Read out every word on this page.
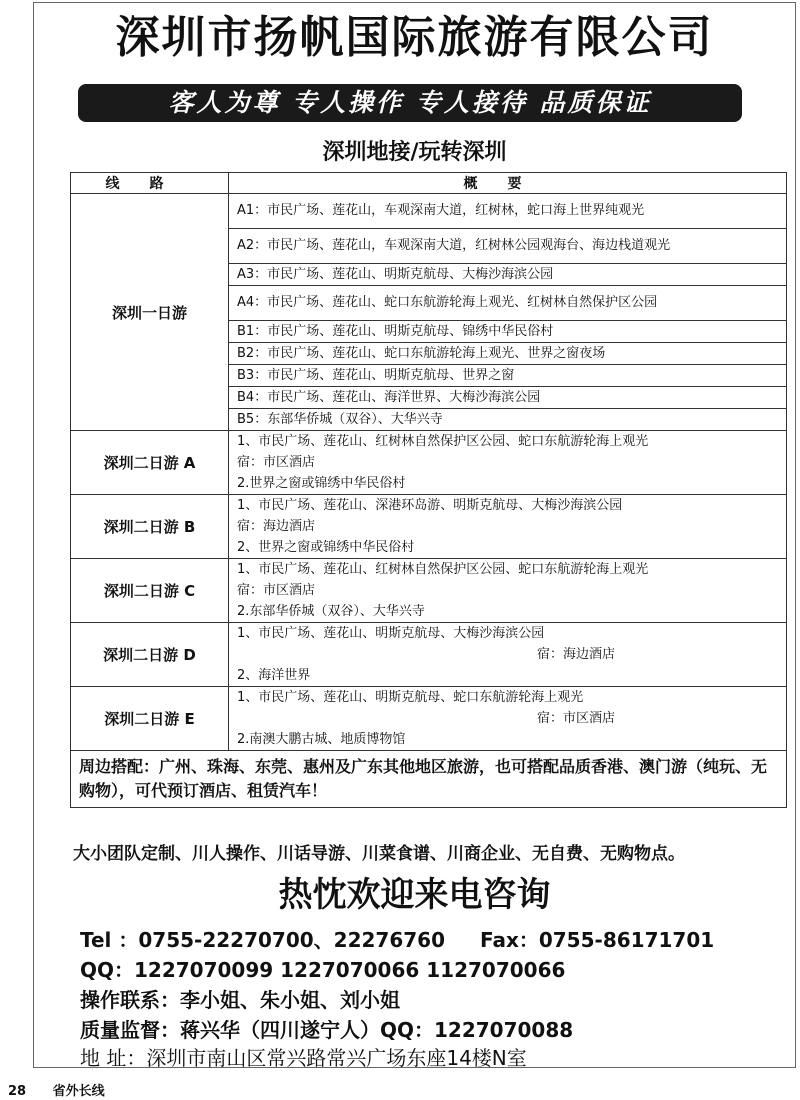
深圳市扬帆国际旅游有限公司
客人为尊 专人操作 专人接待 品质保证
深圳地接/玩转深圳
线路	概要
深圳一日游	A1：市民广场、莲花山，车观深南大道，红树林，蛇口海上世界纯观光
	A2：市民广场、莲花山，车观深南大道，红树林公园观海台、海边栈道观光
	A3：市民广场、莲花山、明斯克航母、大梅沙海滨公园
	A4：市民广场、莲花山、蛇口东航游轮海上观光、红树林自然保护区公园
	B1：市民广场、莲花山、明斯克航母、锦绣中华民俗村
	B2：市民广场、莲花山、蛇口东航游轮海上观光、世界之窗夜场
	B3：市民广场、莲花山、明斯克航母、世界之窗
	B4：市民广场、莲花山、海洋世界、大梅沙海滨公园
	B5：东部华侨城（双谷）、大华兴寺
深圳二日游 A	1、市民广场、莲花山、红树林自然保护区公园、蛇口东航游轮海上观光
宿：市区酒店
2.世界之窗或锦绣中华民俗村

深圳二日游 B	1、市民广场、莲花山、深港环岛游、明斯克航母、大梅沙海滨公园
宿：海边酒店
2、世界之窗或锦绣中华民俗村

深圳二日游 C	1、市民广场、莲花山、红树林自然保护区公园、蛇口东航游轮海上观光
宿：市区酒店
2.东部华侨城（双谷）、大华兴寺

深圳二日游 D	1、市民广场、莲花山、明斯克航母、大梅沙海滨公园
宿：海边酒店
2、海洋世界

深圳二日游 E	1、市民广场、莲花山、明斯克航母、蛇口东航游轮海上观光
宿：市区酒店
2.南澳大鹏古城、地质博物馆

周边搭配：广州、珠海、东莞、惠州及广东其他地区旅游，也可搭配品质香港、澳门游（纯玩、无购物），可代预订酒店、租赁汽车！	
大小团队定制、川人操作、川话导游、川菜食谱、川商企业、无自费、无购物点。
热忱欢迎来电咨询
Tel ：0755-22270700、22276760 Fax：0755-86171701
QQ：1227070099 1227070066 1127070066
操作联系：李小姐、朱小姐、刘小姐
质量监督：蒋兴华（四川遂宁人）QQ：1227070088
地 址：深圳市南山区常兴路常兴广场东座14楼N室
28 省外长线
